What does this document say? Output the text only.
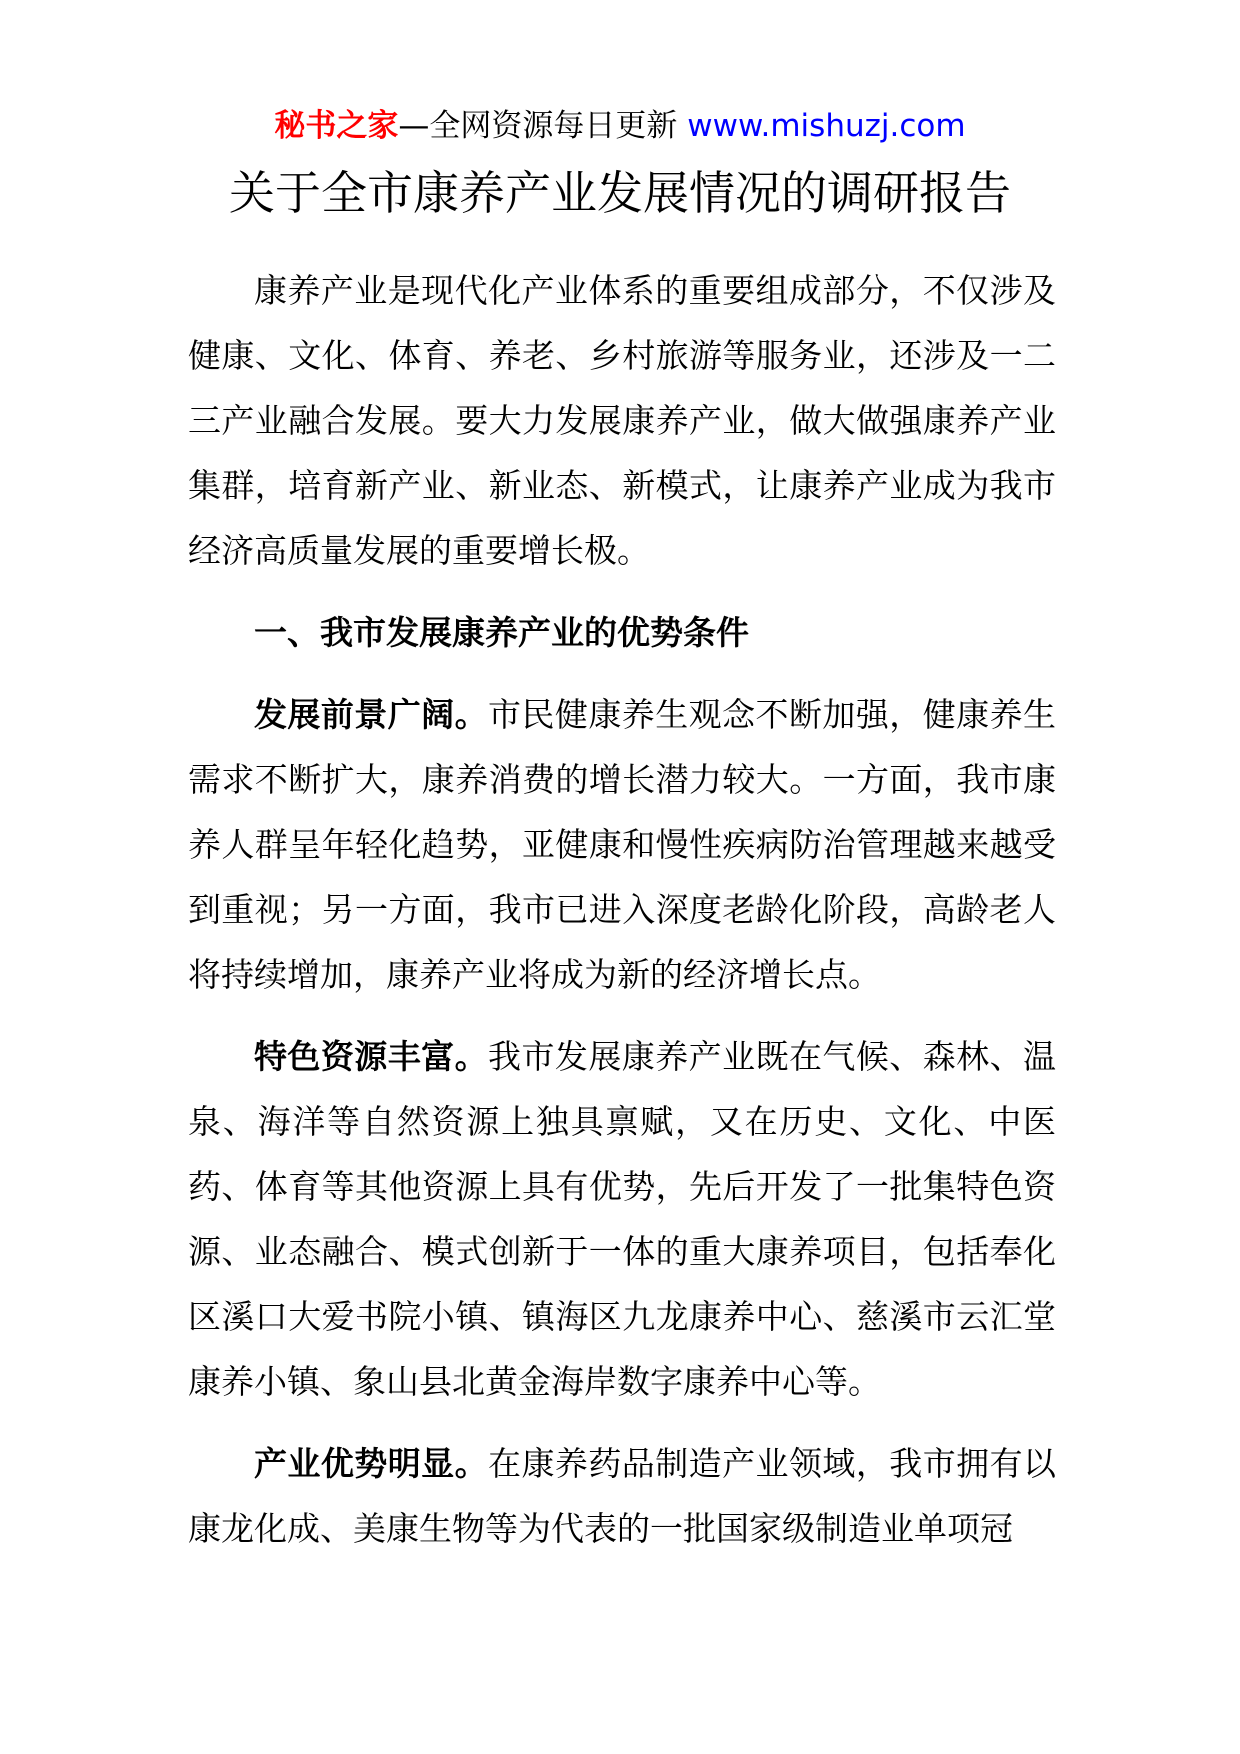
秘书之家—全网资源每日更新 www.mishuzj.com
关于全市康养产业发展情况的调研报告

康养产业是现代化产业体系的重要组成部分，不仅涉及健康、文化、体育、养老、乡村旅游等服务业，还涉及一二三产业融合发展。要大力发展康养产业，做大做强康养产业集群，培育新产业、新业态、新模式，让康养产业成为我市经济高质量发展的重要增长极。

一、我市发展康养产业的优势条件

发展前景广阔。市民健康养生观念不断加强，健康养生需求不断扩大，康养消费的增长潜力较大。一方面，我市康养人群呈年轻化趋势，亚健康和慢性疾病防治管理越来越受到重视；另一方面，我市已进入深度老龄化阶段，高龄老人将持续增加，康养产业将成为新的经济增长点。

特色资源丰富。我市发展康养产业既在气候、森林、温泉、海洋等自然资源上独具禀赋，又在历史、文化、中医药、体育等其他资源上具有优势，先后开发了一批集特色资源、业态融合、模式创新于一体的重大康养项目，包括奉化区溪口大爱书院小镇、镇海区九龙康养中心、慈溪市云汇堂康养小镇、象山县北黄金海岸数字康养中心等。

产业优势明显。在康养药品制造产业领域，我市拥有以康龙化成、美康生物等为代表的一批国家级制造业单项冠
